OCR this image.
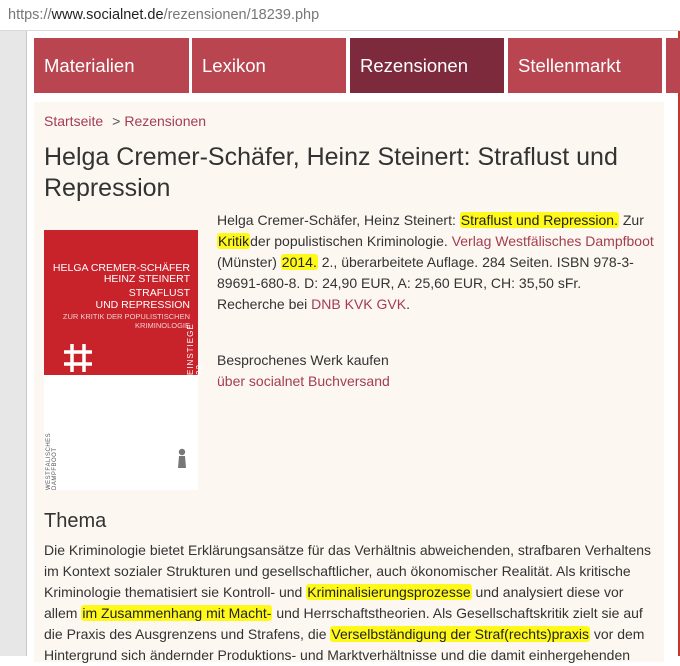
https://www.socialnet.de/rezensionen/18239.php
Materialien	Lexikon	Rezensionen	Stellenmarkt
Startseite > Rezensionen
Helga Cremer-Schäfer, Heinz Steinert: Straflust und Repression
HELGA CREMER-SCHÄFER
HEINZ STEINERT
STRAFLUST
UND REPRESSION
ZUR KRITIK DER POPULISTISCHEN
KRIMINOLOGIE
EINSTIEGE 22
WESTFÄLISCHES DAMPFBOOT
Helga Cremer-Schäfer, Heinz Steinert: Straflust und Repression. Zur Kritikder populistischen Kriminologie. Verlag Westfälisches Dampfboot (Münster) 2014. 2., überarbeitete Auflage. 284 Seiten. ISBN 978-3-89691-680-8. D: 24,90 EUR, A: 25,60 EUR, CH: 35,50 sFr.
Recherche bei DNB KVK GVK.
Besprochenes Werk kaufen
über socialnet Buchversand
Thema

Die Kriminologie bietet Erklärungsansätze für das Verhältnis abweichenden, strafbaren Verhaltens im Kontext sozialer Strukturen und gesellschaftlicher, auch ökonomischer Realität. Als kritische Kriminologie thematisiert sie Kontroll- und Kriminalisierungsprozesse und analysiert diese vor allem im Zusammenhang mit Macht- und Herrschaftstheorien. Als Gesellschaftskritik zielt sie auf die Praxis des Ausgrenzens und Strafens, die Verselbständigung der Straf(rechts)praxis vor dem Hintergrund sich ändernder Produktions- und Marktverhältnisse und die damit einhergehenden
